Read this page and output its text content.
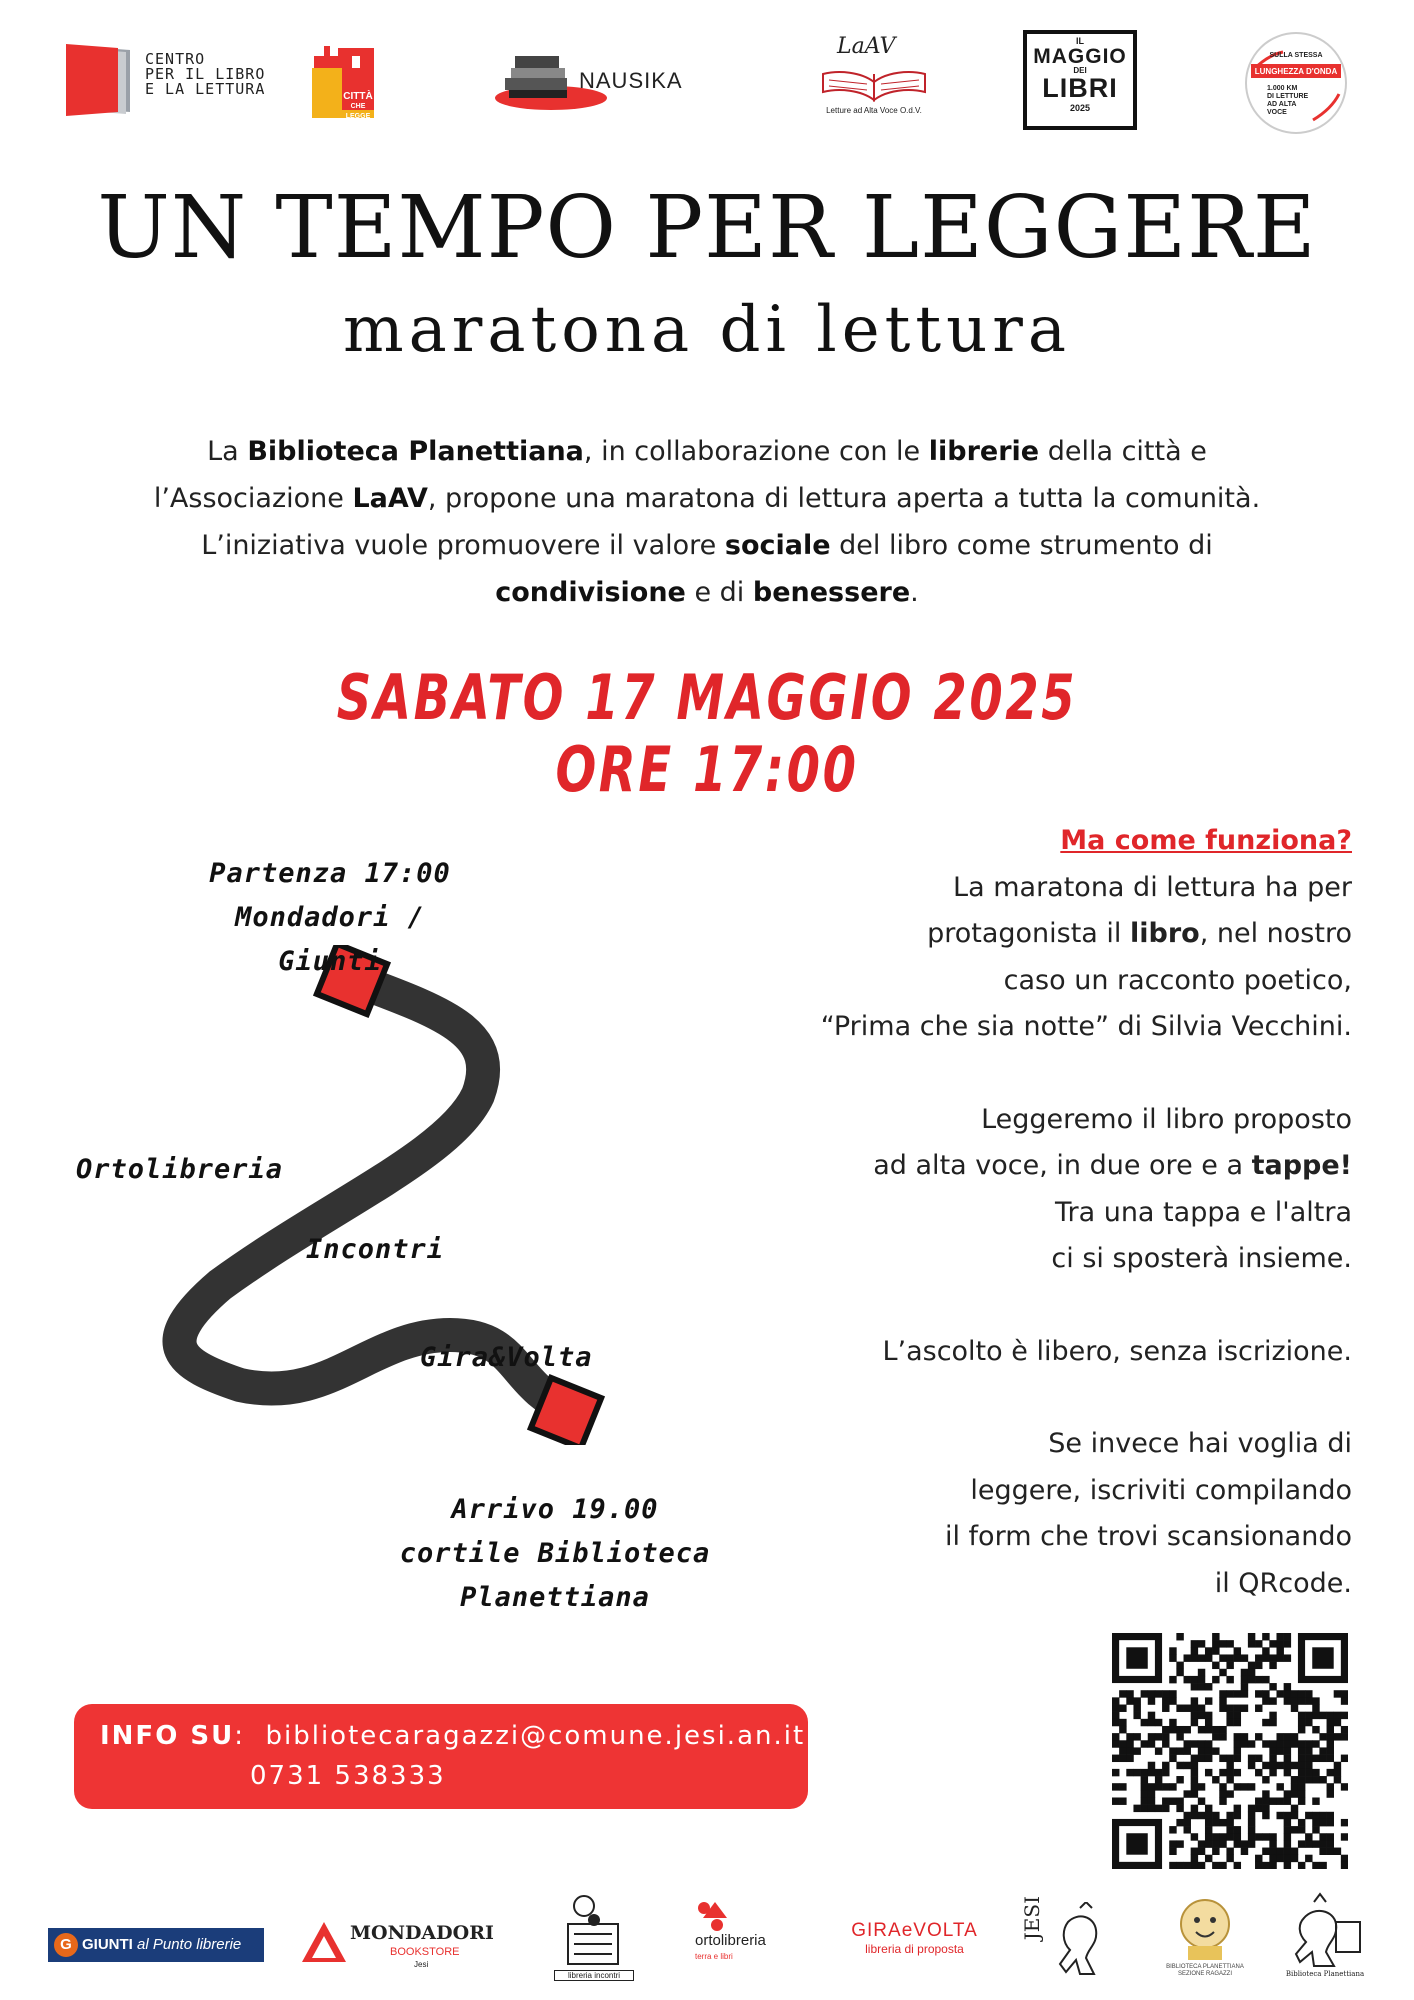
CENTRO
PER IL LIBRO
E LA LETTURA	CITTÀ
CHE LEGGE
NAUSIKA
LaAV
Letture ad Alta Voce O.d.V.
IL
MAGGIO
DEI
LIBRI
2025
SULLA STESSA
LUNGHEZZA D'ONDA
1.000 KM
DI LETTURE
AD ALTA
VOCE
UN TEMPO PER LEGGERE
maratona di lettura

La Biblioteca Planettiana, in collaborazione con le librerie della città e

l’Associazione LaAV, propone una maratona di lettura aperta a tutta la comunità.

L’iniziativa vuole promuovere il valore sociale del libro come strumento di

condivisione e di benessere.

SABATO 17 MAGGIO 2025
ORE 17:00
Partenza 17:00
Mondadori / Giunti
Ortolibreria
Incontri
Gira&Volta
Arrivo 19.00
cortile Biblioteca Planettiana

Ma come funziona?

La maratona di lettura ha per

protagonista il libro, nel nostro

caso un racconto poetico,

“Prima che sia notte” di Silvia Vecchini.

Leggeremo il libro proposto

ad alta voce, in due ore e a tappe!

Tra una tappa e l'altra

ci si sposterà insieme.

L’ascolto è libero, senza iscrizione.

Se invece hai voglia di

leggere, iscriviti compilando

il form che trovi scansionando

il QRcode.

INFO SU:  bibliotecaragazzi@comune.jesi.an.it
0731 538333
G GIUNTI al Punto librerie
MONDADORI
BOOKSTORE
Jesi
libreria incontri
ortolibreria
terra e libri
GIRAeVOLTA
libreria di proposta
JESI
BIBLIOTECA PLANETTIANA SEZIONE RAGAZZI	Biblioteca Planettiana
